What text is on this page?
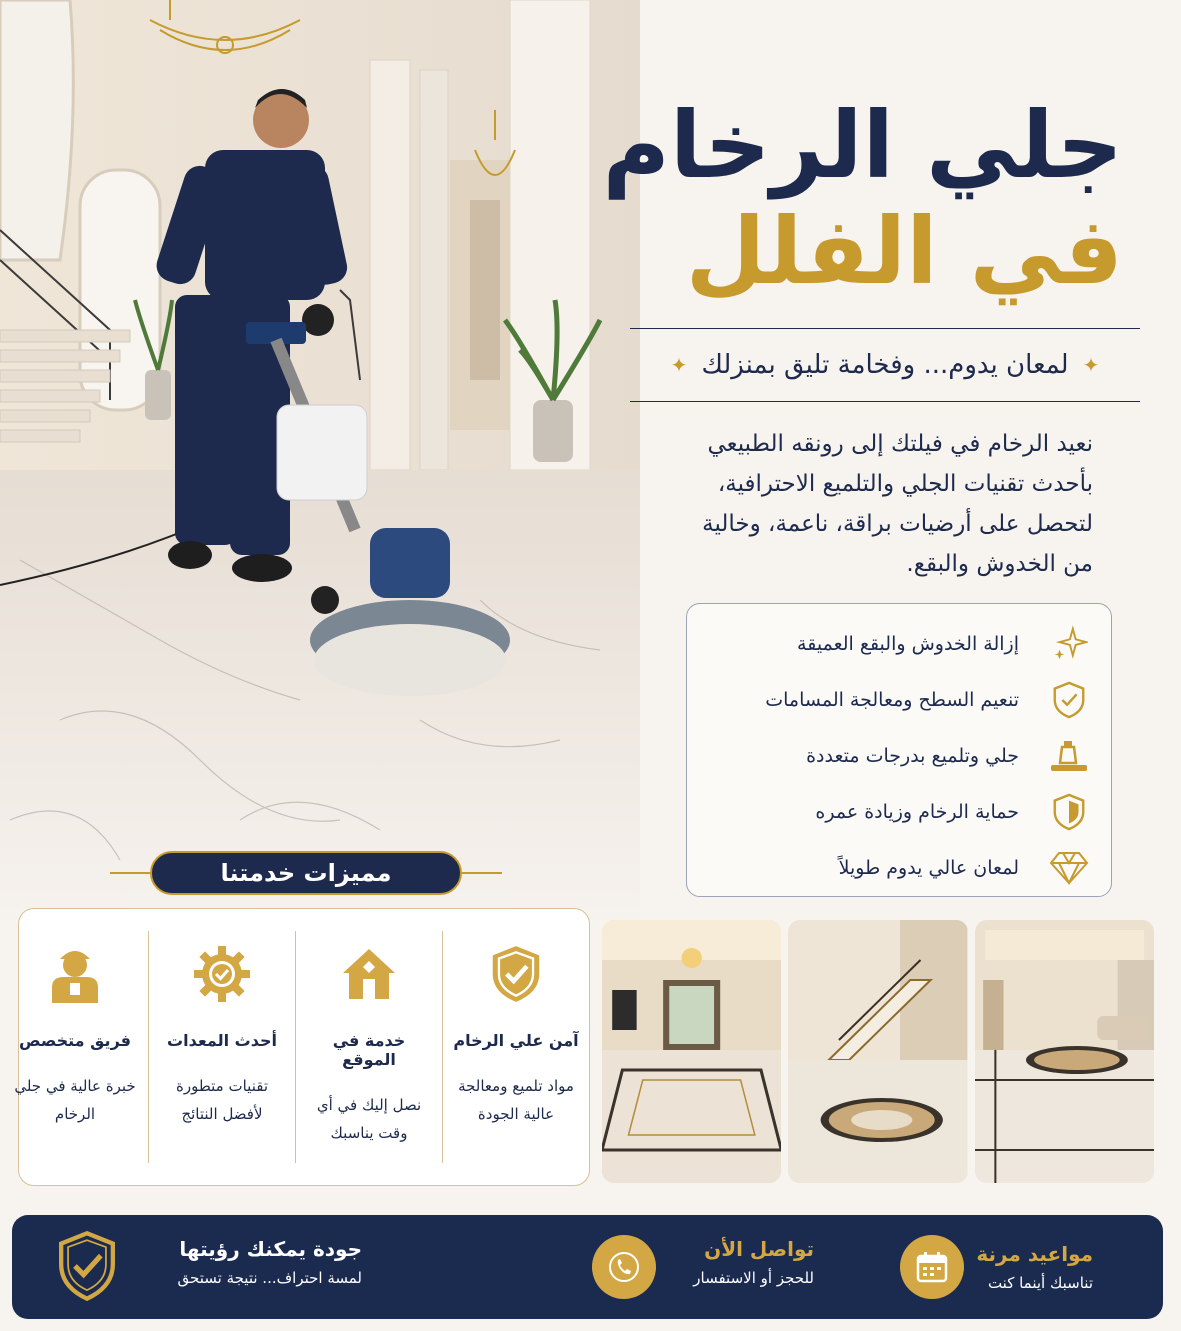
جلي الرخام
في الفلل
✦ لمعان يدوم... وفخامة تليق بمنزلك ✦
نعيد الرخام في فيلتك إلى رونقه الطبيعي
بأحدث تقنيات الجلي والتلميع الاحترافية،
لتحصل على أرضيات براقة، ناعمة، وخالية
من الخدوش والبقع.
إزالة الخدوش والبقع العميقة
تنعيم السطح ومعالجة المسامات
جلي وتلميع بدرجات متعددة
حماية الرخام وزيادة عمره
لمعان عالي يدوم طويلاً
مميزات خدمتنا
آمن علي الرخام
مواد تلميع ومعالجة عالية الجودة
خدمة في الموقع
نصل إليك في أي وقت يناسبك
أحدث المعدات
تقنيات متطورة لأفضل النتائج
فريق متخصص
خبرة عالية في جلي الرخام
مواعيد مرنة
تناسبك أينما كنت
تواصل الأن
للحجز أو الاستفسار
جودة يمكنك رؤيتها
لمسة احتراف... نتيجة تستحق
